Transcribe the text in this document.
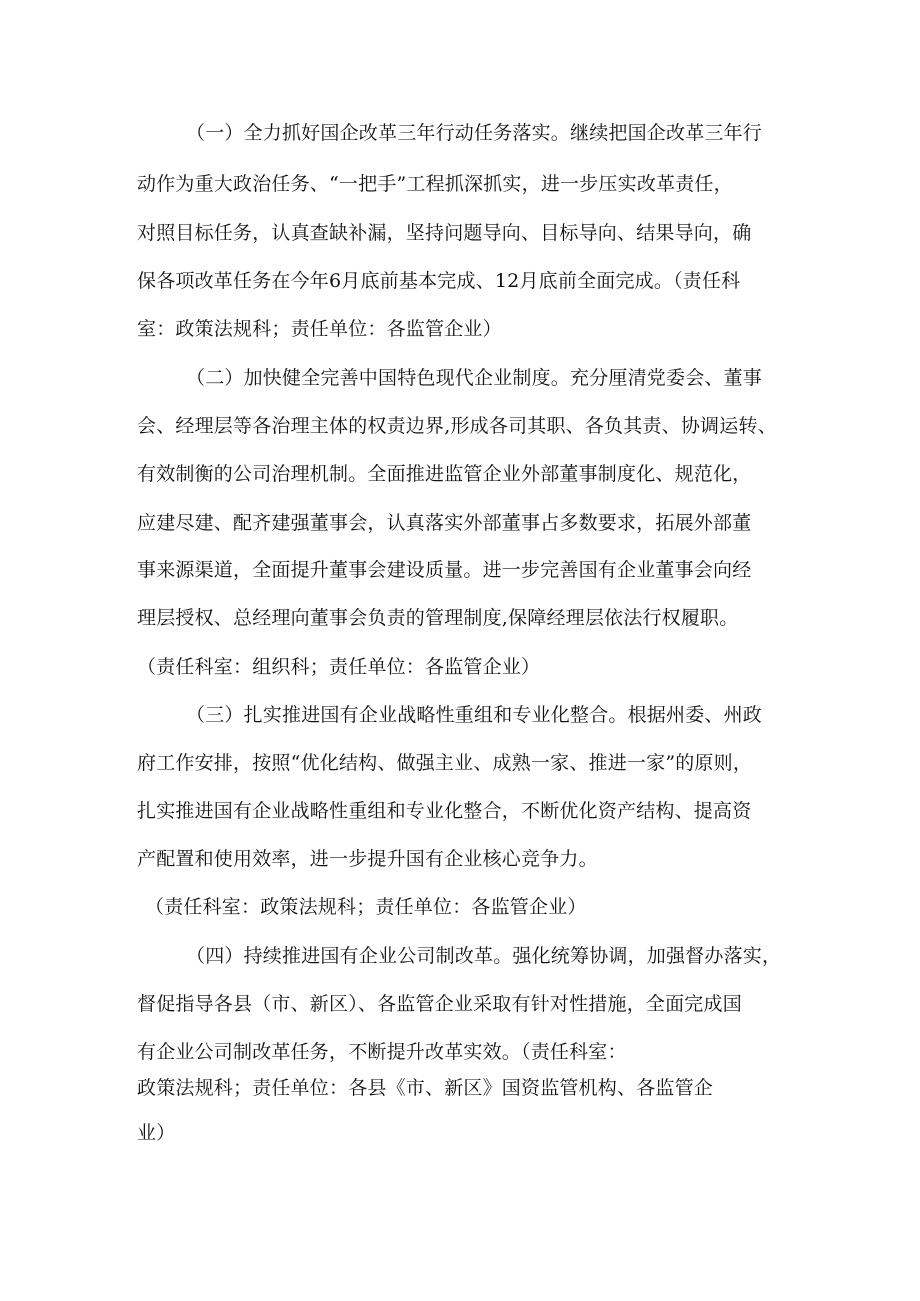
（一）全力抓好国企改革三年行动任务落实。继续把国企改革三年行
动作为重大政治任务、“一把手”工程抓深抓实，进一步压实改革责任，
对照目标任务，认真查缺补漏，坚持问题导向、目标导向、结果导向，确
保各项改革任务在今年6月底前基本完成、12月底前全面完成。（责任科
室：政策法规科；责任单位：各监管企业）
（二）加快健全完善中国特色现代企业制度。充分厘清党委会、董事
会、经理层等各治理主体的权责边界,形成各司其职、各负其责、协调运转、
有效制衡的公司治理机制。全面推进监管企业外部董事制度化、规范化，
应建尽建、配齐建强董事会，认真落实外部董事占多数要求，拓展外部董
事来源渠道，全面提升董事会建设质量。进一步完善国有企业董事会向经
理层授权、总经理向董事会负责的管理制度,保障经理层依法行权履职。
（责任科室：组织科；责任单位：各监管企业）
（三）扎实推进国有企业战略性重组和专业化整合。根据州委、州政
府工作安排，按照“优化结构、做强主业、成熟一家、推进一家”的原则，
扎实推进国有企业战略性重组和专业化整合，不断优化资产结构、提高资
产配置和使用效率，进一步提升国有企业核心竞争力。
（责任科室：政策法规科；责任单位：各监管企业）
（四）持续推进国有企业公司制改革。强化统筹协调，加强督办落实，
督促指导各县（市、新区）、各监管企业采取有针对性措施，全面完成国
有企业公司制改革任务，不断提升改革实效。（责任科室：
政策法规科；责任单位：各县《市、新区》国资监管机构、各监管企
业）
